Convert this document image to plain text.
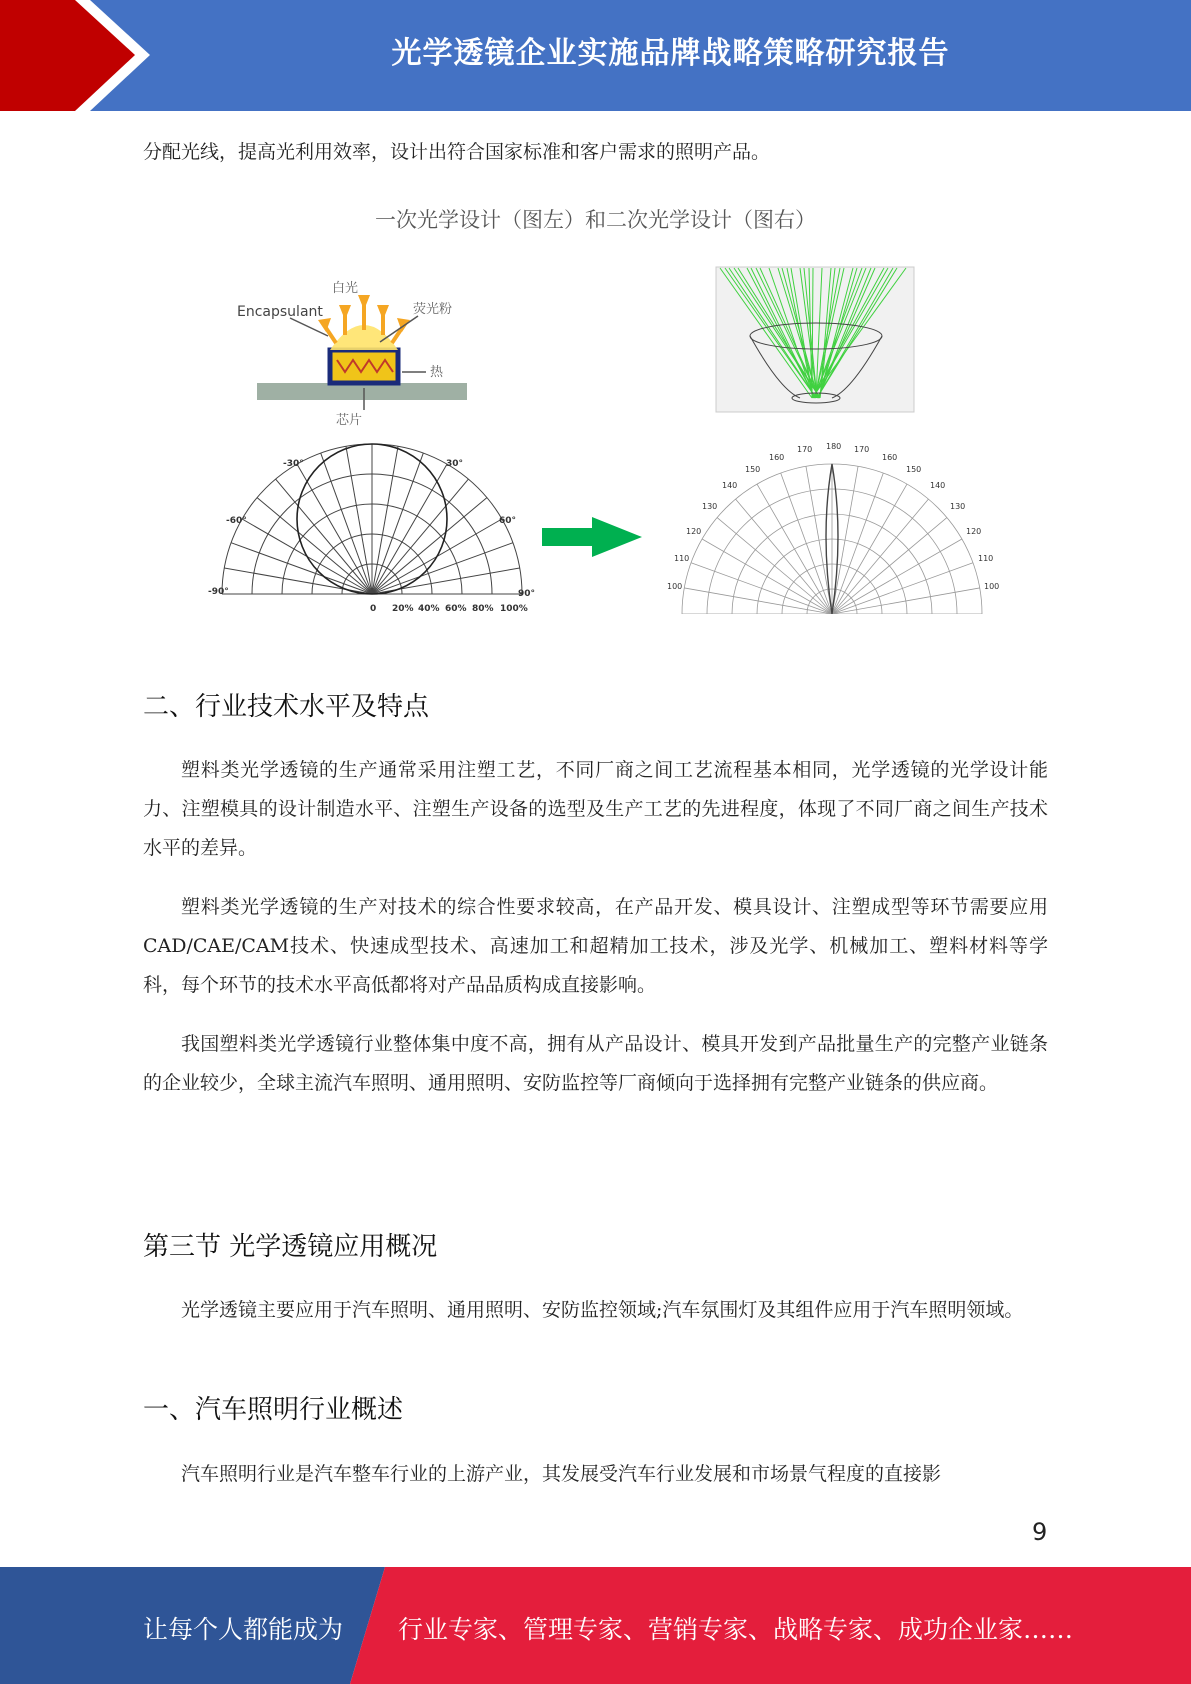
光学透镜企业实施品牌战略策略研究报告

分配光线，提高光利用效率，设计出符合国家标准和客户需求的照明产品。

一次光学设计（图左）和二次光学设计（图右）
Encapsulant
白光
荧光粉
热
芯片
-30°	30°
-60°	60°
-90°	90°
0 20% 40% 60% 80% 100%
180
170	170
160	160
150	150
140	140
130	130
120	120
110	110
100	100
二、行业技术水平及特点

塑料类光学透镜的生产通常采用注塑工艺，不同厂商之间工艺流程基本相同，光学透镜的光学设计能力、注塑模具的设计制造水平、注塑生产设备的选型及生产工艺的先进程度，体现了不同厂商之间生产技术水平的差异。

塑料类光学透镜的生产对技术的综合性要求较高，在产品开发、模具设计、注塑成型等环节需要应用CAD/CAE/CAM技术、快速成型技术、高速加工和超精加工技术，涉及光学、机械加工、塑料材料等学科，每个环节的技术水平高低都将对产品品质构成直接影响。

我国塑料类光学透镜行业整体集中度不高，拥有从产品设计、模具开发到产品批量生产的完整产业链条的企业较少，全球主流汽车照明、通用照明、安防监控等厂商倾向于选择拥有完整产业链条的供应商。

第三节 光学透镜应用概况

光学透镜主要应用于汽车照明、通用照明、安防监控领域;汽车氛围灯及其组件应用于汽车照明领域。

一、汽车照明行业概述

汽车照明行业是汽车整车行业的上游产业，其发展受汽车行业发展和市场景气程度的直接影

9
让每个人都能成为 行业专家、管理专家、营销专家、战略专家、成功企业家……
